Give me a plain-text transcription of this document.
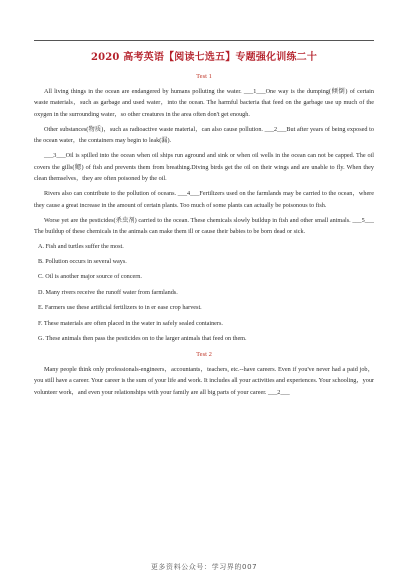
2020 高考英语【阅读七选五】专题强化训练二十
Test 1

All living things in the ocean are endangered by humans polluting the water. ___1___One way is the dumping(倾倒) of certain waste materials，such as garbage and used water，into the ocean. The harmful bacteria that feed on the garbage use up much of the oxygen in the surrounding water，so other creatures in the area often don't get enough.

Other substances(物质)，such as radioactive waste material，can also cause pollution. ___2___But after years of being exposed to the ocean water，the containers may begin to leak(漏).

___3___Oil is spilled into the ocean when oil ships run aground and sink or when oil wells in the ocean can not be capped. The oil covers the gills(鳃) of fish and prevents them from breathing.Diving birds get the oil on their wings and are unable to fly. When they clean themselves，they are often poisoned by the oil.

Rivers also can contribute to the pollution of oceans. ___4___Fertilizers used on the farmlands may be carried to the ocean，where they cause a great increase in the amount of certain plants. Too much of some plants can actually be poisonous to fish.

Worse yet are the pesticides(杀虫剂) carried to the ocean. These chemicals slowly buildup in fish and other small animals. ___5___ The buildup of these chemicals in the animals can make them ill or cause their babies to be born dead or sick.

A. Fish and turtles suffer the most.
B. Pollution occurs in several ways.
C. Oil is another major source of concern.
D. Many rivers receive the runoff water from farmlands.
E. Farmers use these artificial fertilizers to in er ease crop harvest.
F. These materials are often placed in the water in safely sealed containers.
G. These animals then pass the pesticides on to the larger animals that feed on them.
Test 2

Many people think only professionals-engineers，accountants，teachers, etc.--have careers. Even if you've never had a paid job，you still have a career. Your career is the sum of your life and work. It includes all your activities and experiences. Your schooling，your volunteer work，and even your relationships with your family are all big parts of your career. ___2___

更多资料公众号：学习界的007
